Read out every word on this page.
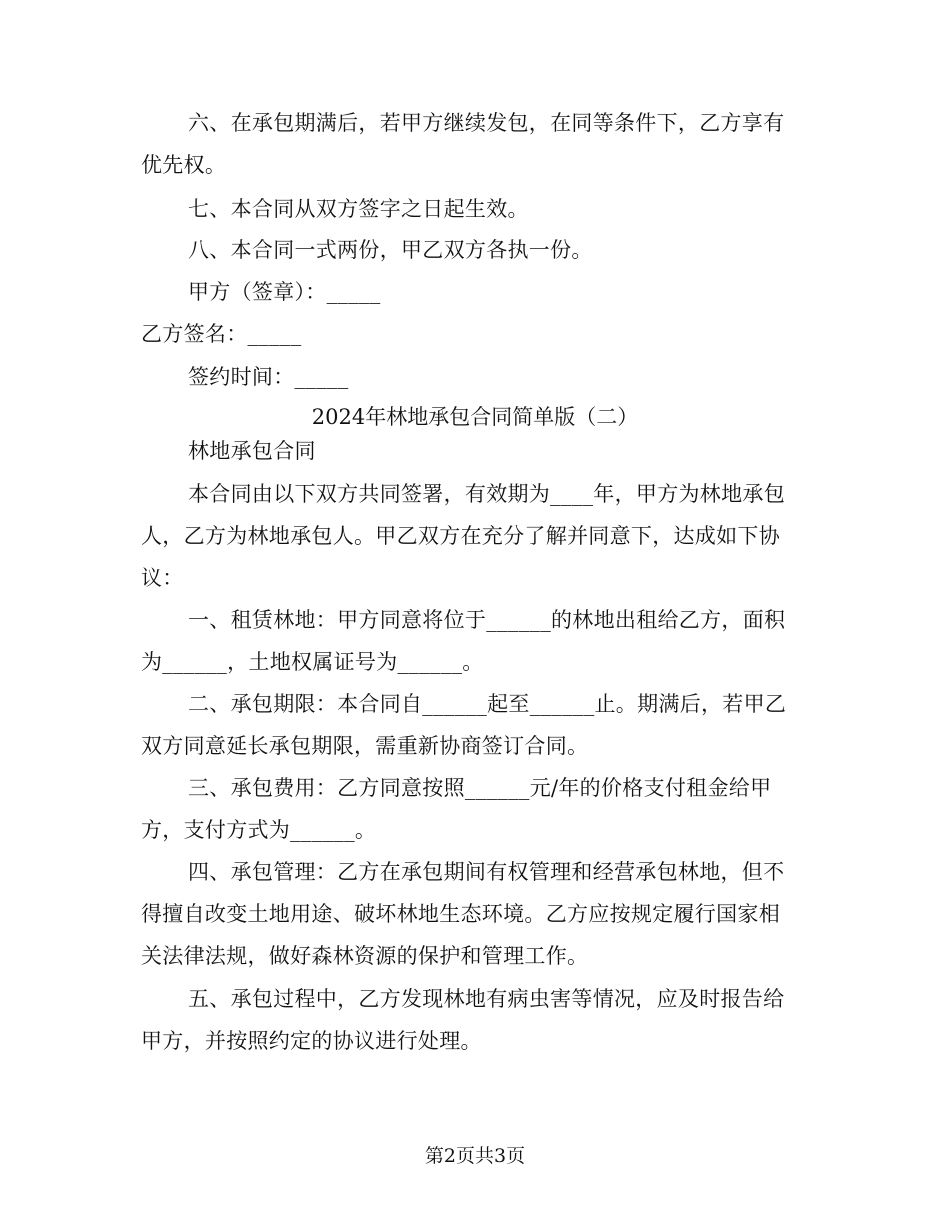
六、在承包期满后，若甲方继续发包，在同等条件下，乙方享有
优先权。
七、本合同从双方签字之日起生效。
八、本合同一式两份，甲乙双方各执一份。
甲方（签章）：_____
乙方签名：_____
签约时间：_____
2024年林地承包合同简单版（二）
林地承包合同
本合同由以下双方共同签署，有效期为____年，甲方为林地承包
人，乙方为林地承包人。甲乙双方在充分了解并同意下，达成如下协
议：
一、租赁林地：甲方同意将位于______的林地出租给乙方，面积
为______，土地权属证号为______。
二、承包期限：本合同自______起至______止。期满后，若甲乙
双方同意延长承包期限，需重新协商签订合同。
三、承包费用：乙方同意按照______元/年的价格支付租金给甲
方，支付方式为______。
四、承包管理：乙方在承包期间有权管理和经营承包林地，但不
得擅自改变土地用途、破坏林地生态环境。乙方应按规定履行国家相
关法律法规，做好森林资源的保护和管理工作。
五、承包过程中，乙方发现林地有病虫害等情况，应及时报告给
甲方，并按照约定的协议进行处理。
第2页共3页
